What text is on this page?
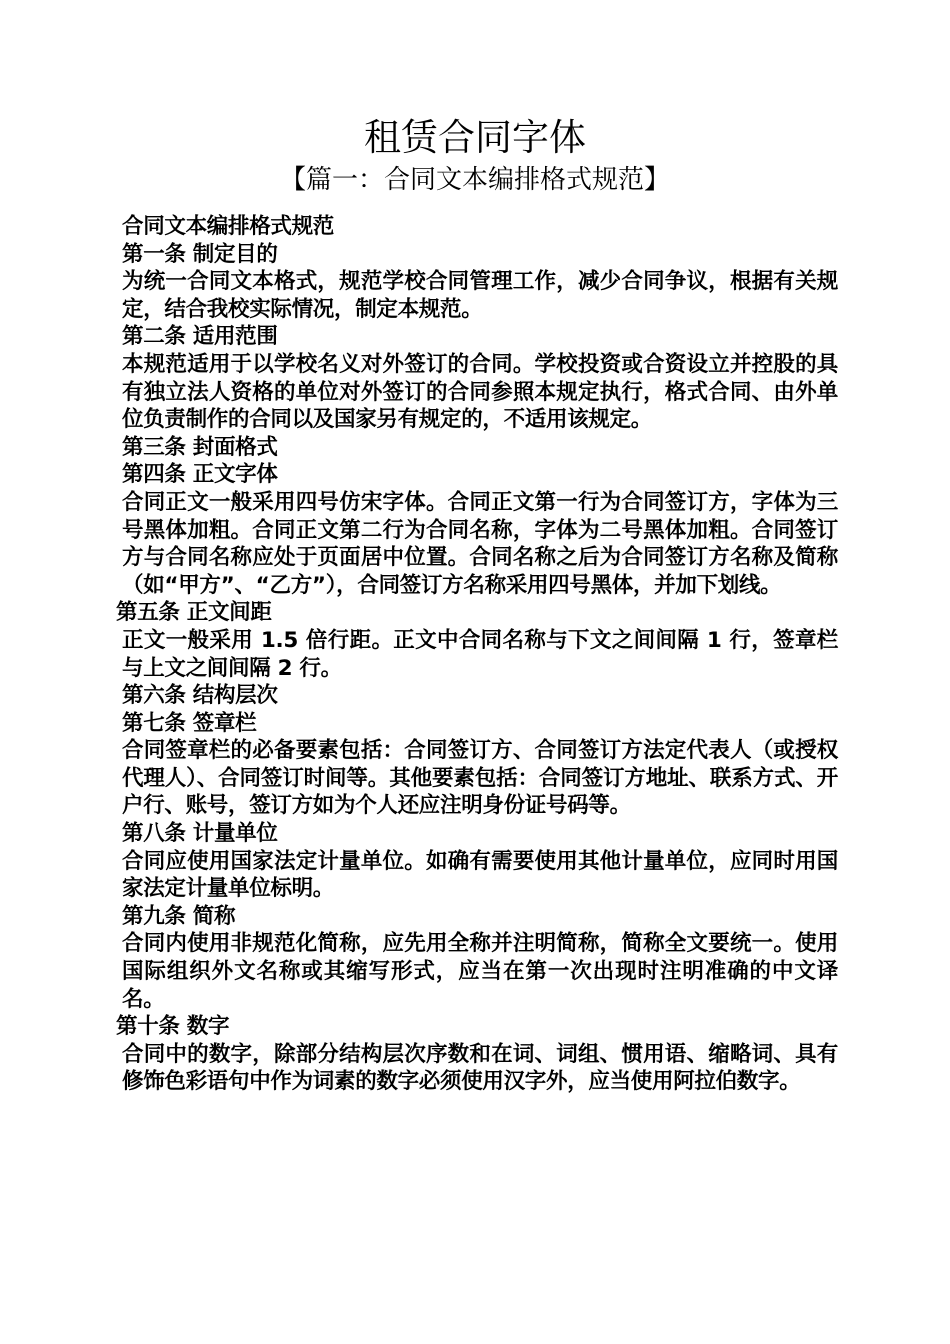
租赁合同字体
【篇一：合同文本编排格式规范】

合同文本编排格式规范

第一条 制定目的

为统一合同文本格式，规范学校合同管理工作，减少合同争议，根据有关规定，结合我校实际情况，制定本规范。

第二条 适用范围

本规范适用于以学校名义对外签订的合同。学校投资或合资设立并控股的具有独立法人资格的单位对外签订的合同参照本规定执行，格式合同、由外单位负责制作的合同以及国家另有规定的，不适用该规定。

第三条 封面格式

第四条 正文字体

合同正文一般采用四号仿宋字体。合同正文第一行为合同签订方，字体为三号黑体加粗。合同正文第二行为合同名称，字体为二号黑体加粗。合同签订方与合同名称应处于页面居中位置。合同名称之后为合同签订方名称及简称（如“甲方”、“乙方”），合同签订方名称采用四号黑体，并加下划线。

第五条 正文间距

正文一般采用 1.5 倍行距。正文中合同名称与下文之间间隔 1 行，签章栏与上文之间间隔 2 行。

第六条 结构层次

第七条 签章栏

合同签章栏的必备要素包括：合同签订方、合同签订方法定代表人（或授权代理人）、合同签订时间等。其他要素包括：合同签订方地址、联系方式、开户行、账号，签订方如为个人还应注明身份证号码等。

第八条 计量单位

合同应使用国家法定计量单位。如确有需要使用其他计量单位，应同时用国家法定计量单位标明。

第九条 简称

合同内使用非规范化简称，应先用全称并注明简称，简称全文要统一。使用国际组织外文名称或其缩写形式，应当在第一次出现时注明准确的中文译名。

第十条 数字

合同中的数字，除部分结构层次序数和在词、词组、惯用语、缩略词、具有修饰色彩语句中作为词素的数字必须使用汉字外，应当使用阿拉伯数字。
